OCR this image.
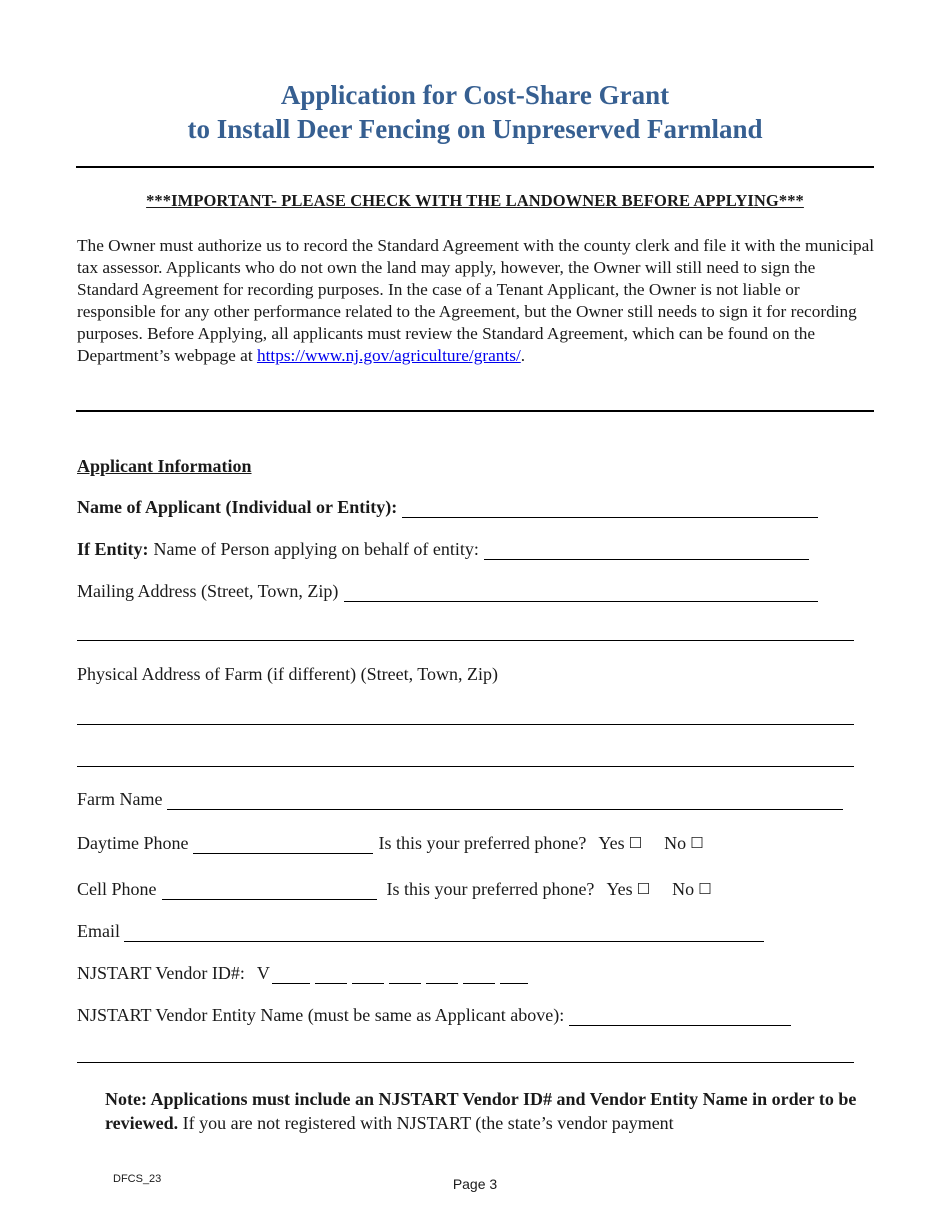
Application for Cost-Share Grant
to Install Deer Fencing on Unpreserved Farmland
***IMPORTANT- PLEASE CHECK WITH THE LANDOWNER BEFORE APPLYING***
The Owner must authorize us to record the Standard Agreement with the county clerk and file it with the municipal tax assessor. Applicants who do not own the land may apply, however, the Owner will still need to sign the Standard Agreement for recording purposes. In the case of a Tenant Applicant, the Owner is not liable or responsible for any other performance related to the Agreement, but the Owner still needs to sign it for recording purposes. Before Applying, all applicants must review the Standard Agreement, which can be found on the Department’s webpage at https://www.nj.gov/agriculture/grants/.
Applicant Information
Name of Applicant (Individual or Entity):
If Entity: Name of Person applying on behalf of entity:
Mailing Address (Street, Town, Zip)
Physical Address of Farm (if different) (Street, Town, Zip)
Farm Name
Daytime Phone	Is this your preferred phone? Yes ☐ No ☐
Cell Phone	Is this your preferred phone? Yes ☐ No ☐
Email
NJSTART Vendor ID#: V
NJSTART Vendor Entity Name (must be same as Applicant above):
Note: Applications must include an NJSTART Vendor ID# and Vendor Entity Name in order to be reviewed. If you are not registered with NJSTART (the state’s vendor payment
DFCS_23	Page 3
